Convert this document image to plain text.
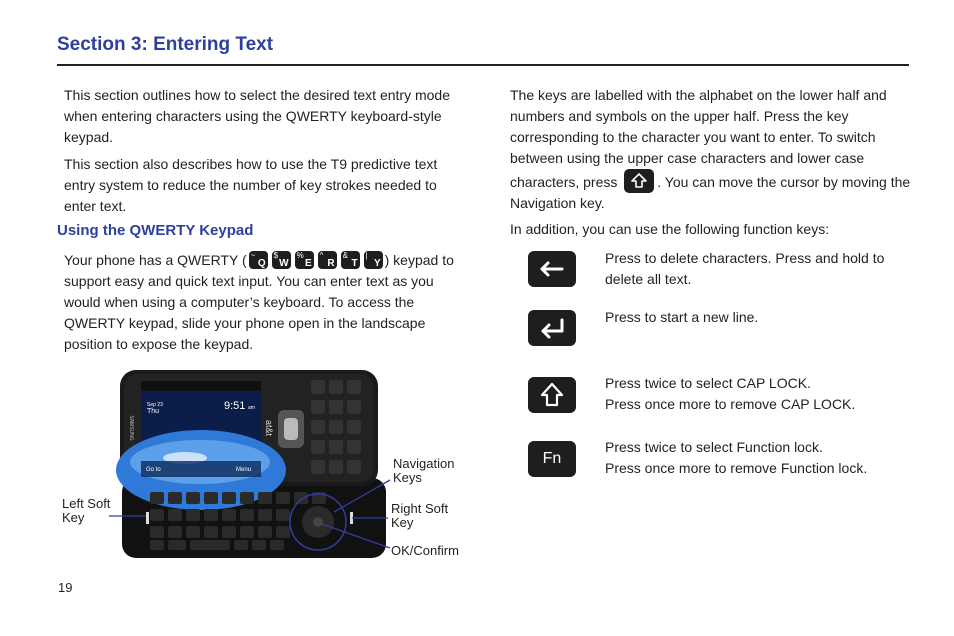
Section 3: Entering Text
This section outlines how to select the desired text entry mode when entering characters using the QWERTY keyboard-style keypad.
This section also describes how to use the T9 predictive text entry system to reduce the number of key strokes needed to enter text.
Using the QWERTY Keypad
Your phone has a QWERTY ( ~
Q
$
W
%
E
^
R
&
T
|
Y ) keypad to support easy and quick text input. You can enter text as you would when using a computer’s keyboard. To access the QWERTY keypad, slide your phone open in the landscape position to expose the keypad.
Sep 23
Thu	9:51 am
Go to	Menu
SAMSUNG	at&t
Left Soft Key
Navigation Keys
Right Soft Key
OK/Confirm
The keys are labelled with the alphabet on the lower half and numbers and symbols on the upper half. Press the key corresponding to the character you want to enter. To switch between using the upper case characters and lower case characters, press	. You can move the cursor by moving the Navigation key.
In addition, you can use the following function keys:
Press to delete characters. Press and hold to delete all text.
Press to start a new line.
Press twice to select CAP LOCK.
Press once more to remove CAP LOCK.
Fn
Press twice to select Function lock.
Press once more to remove Function lock.
19
